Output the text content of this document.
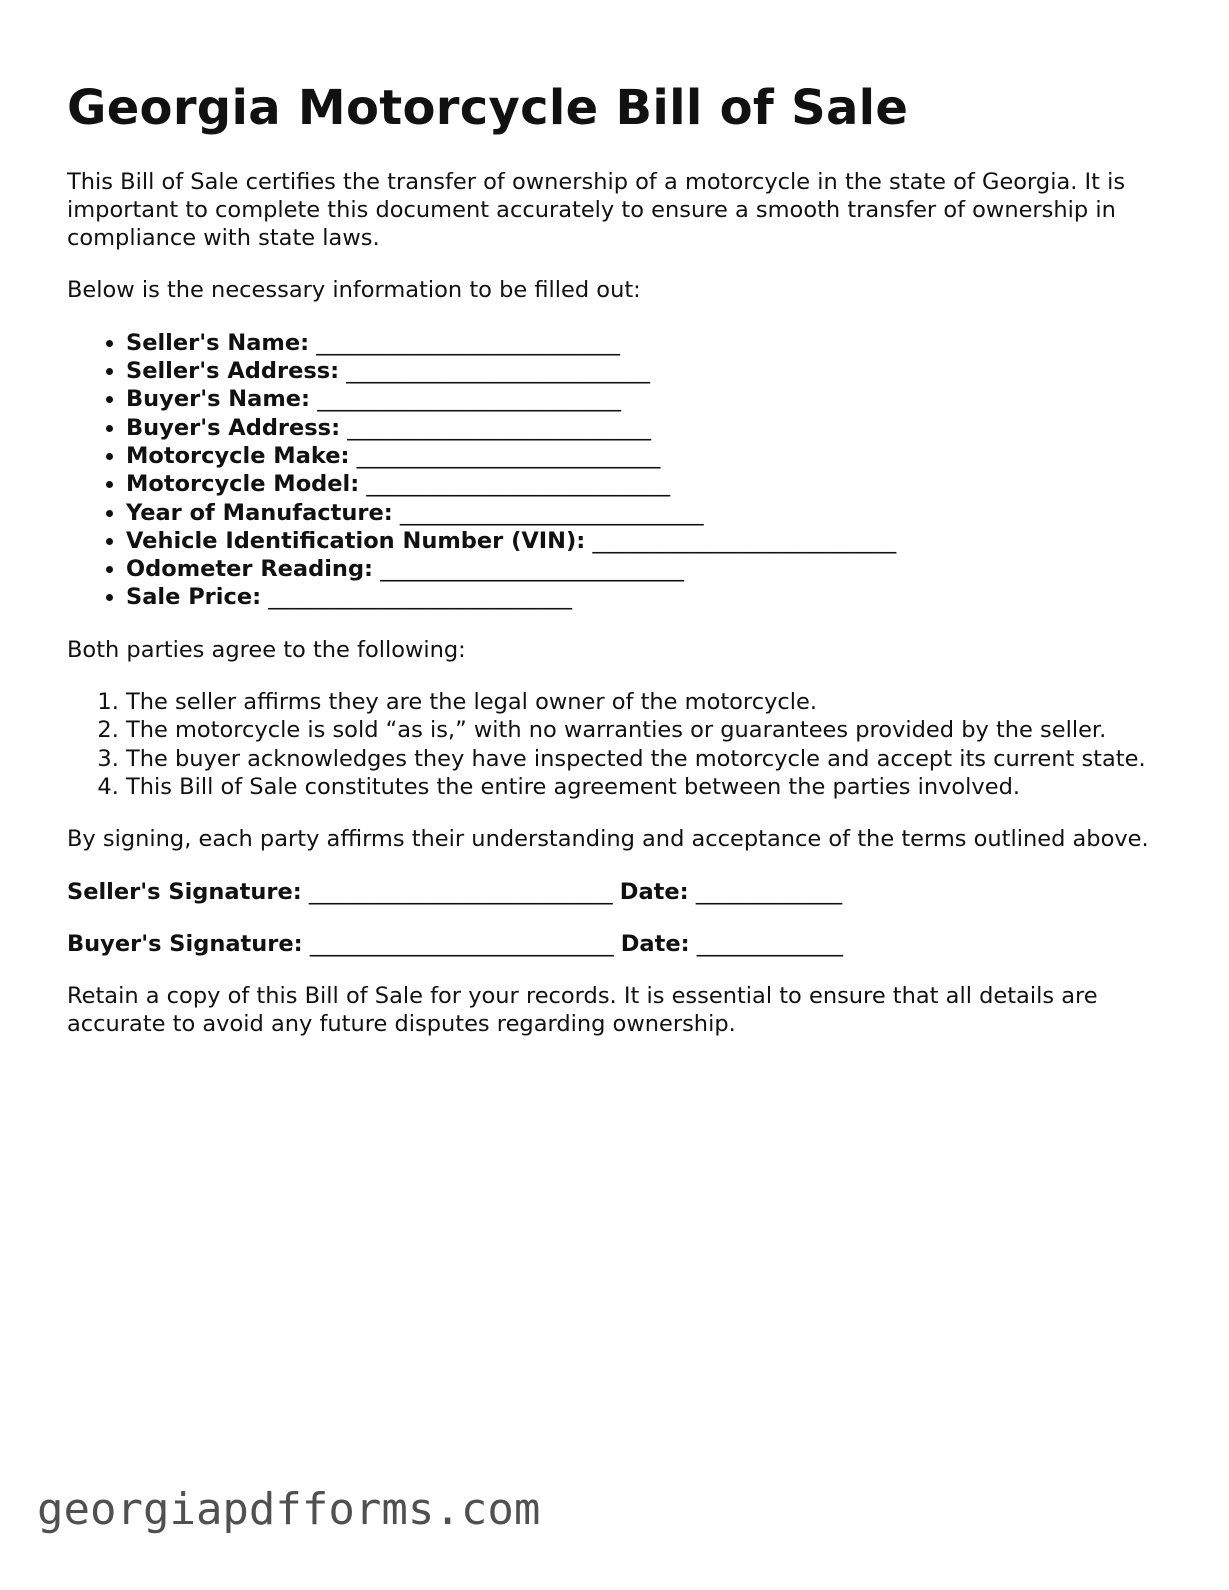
Georgia Motorcycle Bill of Sale

This Bill of Sale certifies the transfer of ownership of a motorcycle in the state of Georgia. It is important to complete this document accurately to ensure a smooth transfer of ownership in compliance with state laws.

Below is the necessary information to be filled out:

• Seller's Name: ___________________________
• Seller's Address: ___________________________
• Buyer's Name: ___________________________
• Buyer's Address: ___________________________
• Motorcycle Make: ___________________________
• Motorcycle Model: ___________________________
• Year of Manufacture: ___________________________
• Vehicle Identification Number (VIN): ___________________________
• Odometer Reading: ___________________________
• Sale Price: ___________________________

Both parties agree to the following:

1. The seller affirms they are the legal owner of the motorcycle.
2. The motorcycle is sold “as is,” with no warranties or guarantees provided by the seller.
3. The buyer acknowledges they have inspected the motorcycle and accept its current state.
4. This Bill of Sale constitutes the entire agreement between the parties involved.

By signing, each party affirms their understanding and acceptance of the terms outlined above.

Seller's Signature: ___________________________ Date: _____________
Buyer's Signature: ___________________________ Date: _____________

Retain a copy of this Bill of Sale for your records. It is essential to ensure that all details are accurate to avoid any future disputes regarding ownership.

georgiapdfforms.com
